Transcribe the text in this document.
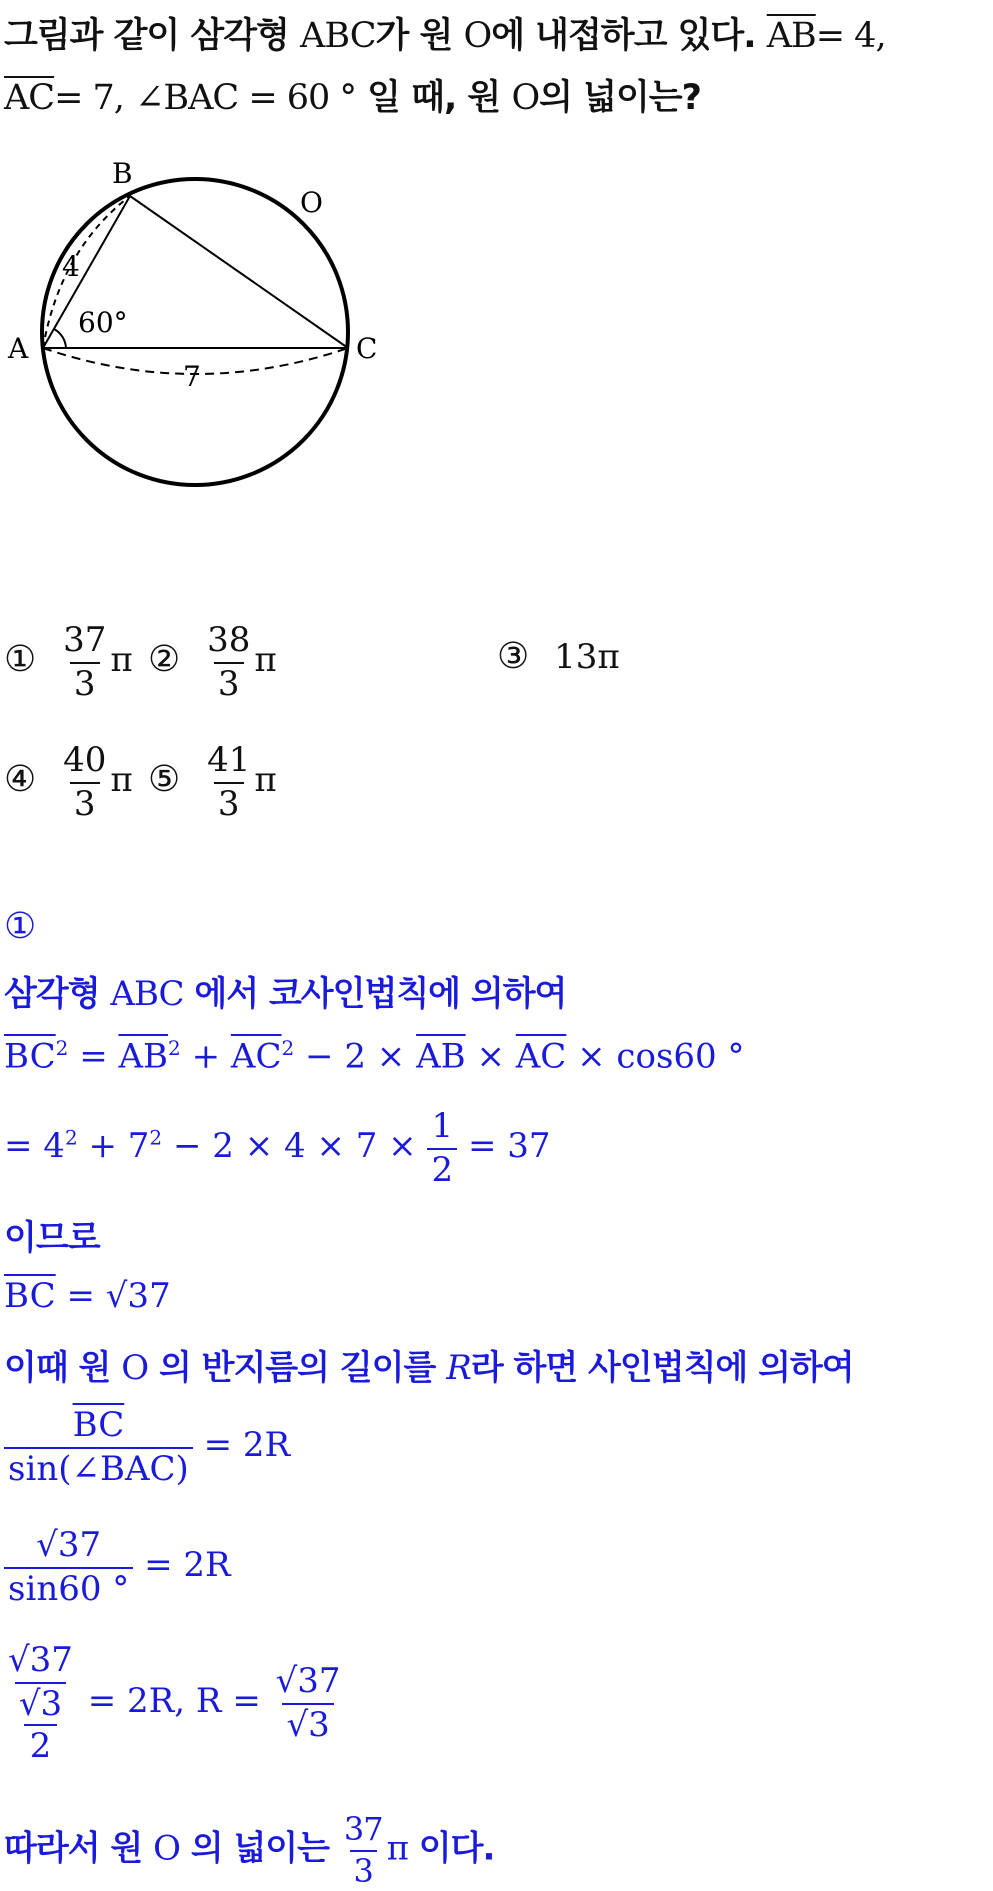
그림과 같이 삼각형 ABC가 원 O에 내접하고 있다. $\overline{AB}= 4$,
$\overline{AC}= 7$, ∠BAC = 60 ° 일 때, 원 O의 넓이는?
B
O
A	C
4
60°
7
① $\frac{37}{3}$ π ② $\frac{38}{3}$ π	③ 13π
④ $\frac{40}{3}$ π ⑤ $\frac{41}{3}$ π
①
삼각형 ABC 에서 코사인법칙에 의하여
$\overline{BC}^2 = \overline{AB}^2 + \overline{AC}^2 - 2 \times \overline{AB} \times \overline{AC} \times \cos 60$ °
= $4^2 + 7^2 - 2 \times 4 \times 7 \times \frac{1}{2} = 37$
이므로
$\overline{BC} = √37$
이때 원 O 의 반지름의 길이를 R라 하면 사인법칙에 의하여
$\frac{\overline{BC}}{\text{sin(∠BAC)}} = 2R$
$\frac{√37}{\sin 60 ^\circ} = 2R$
√37
√3
2 = 2R, $R = \frac{√37}{√3}$
따라서 원 O 의 넓이는 $\frac{37}{3}$ π 이다.
